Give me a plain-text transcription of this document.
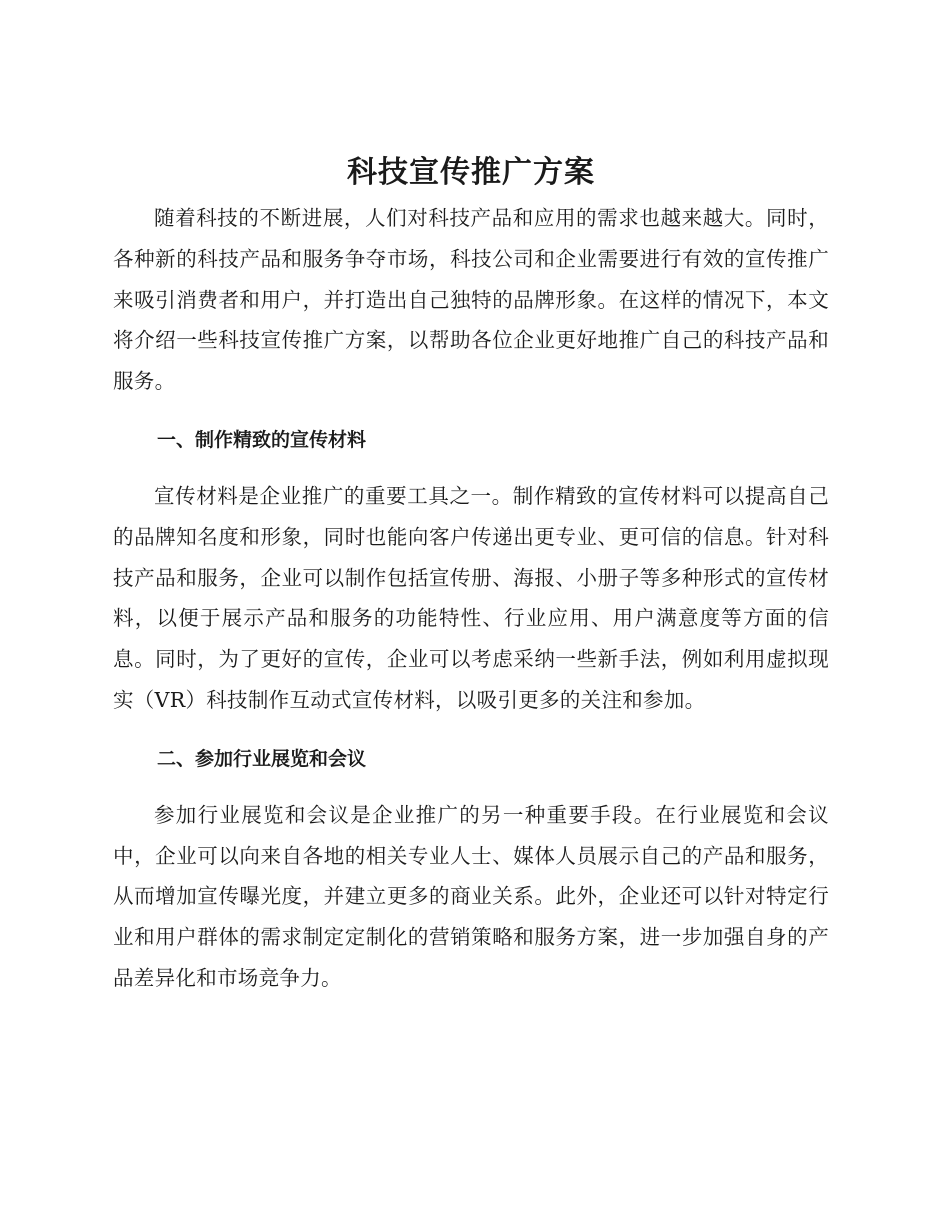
科技宣传推广方案

随着科技的不断进展，人们对科技产品和应用的需求也越来越大。同时，各种新的科技产品和服务争夺市场，科技公司和企业需要进行有效的宣传推广来吸引消费者和用户，并打造出自己独特的品牌形象。在这样的情况下，本文将介绍一些科技宣传推广方案，以帮助各位企业更好地推广自己的科技产品和服务。

一、制作精致的宣传材料

宣传材料是企业推广的重要工具之一。制作精致的宣传材料可以提高自己的品牌知名度和形象，同时也能向客户传递出更专业、更可信的信息。针对科技产品和服务，企业可以制作包括宣传册、海报、小册子等多种形式的宣传材料，以便于展示产品和服务的功能特性、行业应用、用户满意度等方面的信息。同时，为了更好的宣传，企业可以考虑采纳一些新手法，例如利用虚拟现实（VR）科技制作互动式宣传材料，以吸引更多的关注和参加。

二、参加行业展览和会议

参加行业展览和会议是企业推广的另一种重要手段。在行业展览和会议中，企业可以向来自各地的相关专业人士、媒体人员展示自己的产品和服务，从而增加宣传曝光度，并建立更多的商业关系。此外，企业还可以针对特定行业和用户群体的需求制定定制化的营销策略和服务方案，进一步加强自身的产品差异化和市场竞争力。
